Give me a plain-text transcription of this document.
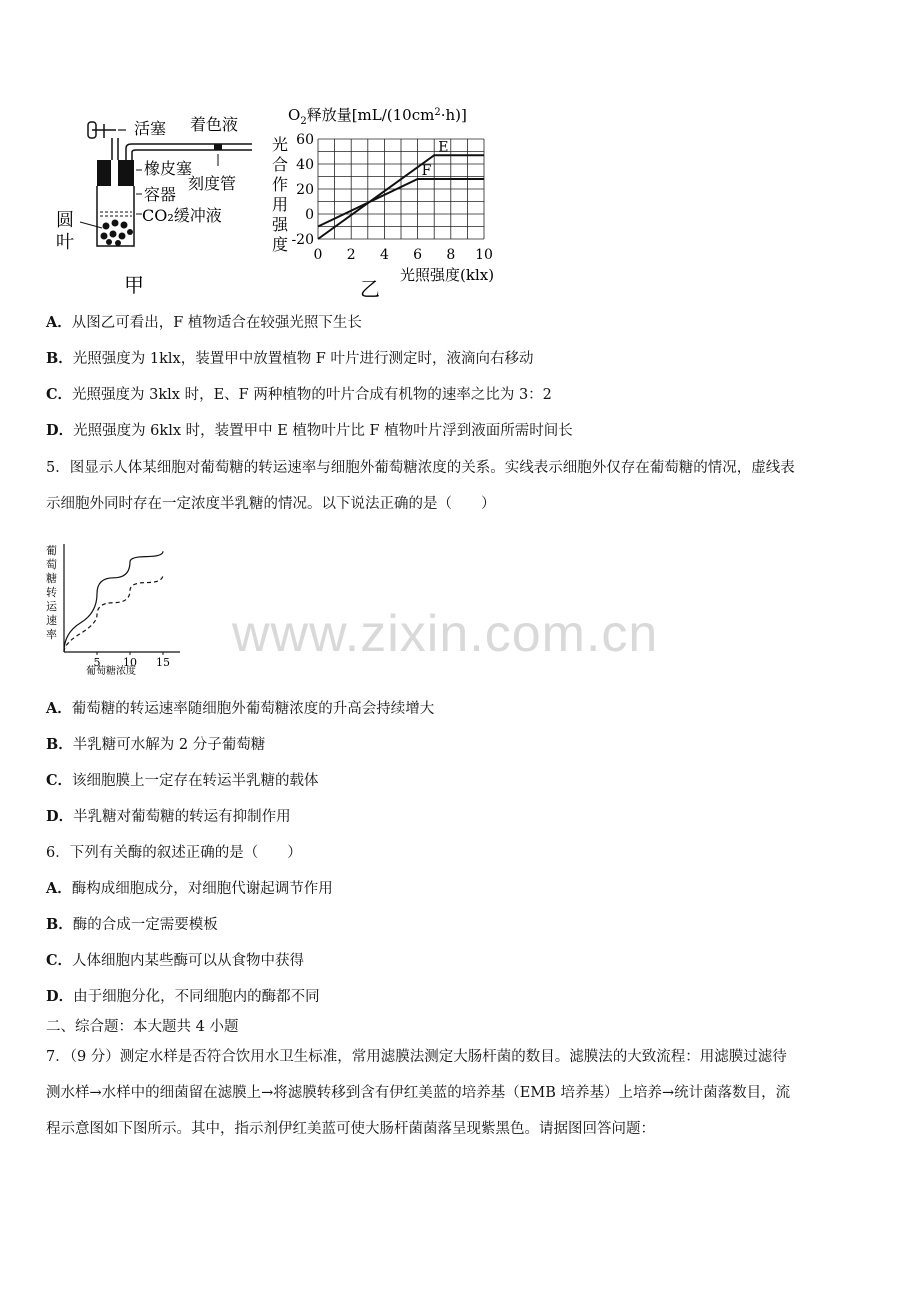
活塞 着色液
橡皮塞
刻度管
容器
CO₂缓冲液
圆 叶
甲
$O_2$释放量$[mL/(10cm^2\cdot h)]$
光
合
作
用
强
度
60
40
20
0
-20
0 2 4 6 8 10
E
F
光照强度(klx)
乙
A．从图乙可看出，F 植物适合在较强光照下生长
B．光照强度为 1klx，装置甲中放置植物 F 叶片进行测定时，液滴向右移动
C．光照强度为 3klx 时，E、F 两种植物的叶片合成有机物的速率之比为 3：2
D．光照强度为 6klx 时，装置甲中 E 植物叶片比 F 植物叶片浮到液面所需时间长
5．图显示人体某细胞对葡萄糖的转运速率与细胞外葡萄糖浓度的关系。实线表示细胞外仅存在葡萄糖的情况，虚线表
示细胞外同时存在一定浓度半乳糖的情况。以下说法正确的是（　　）
葡
萄
糖
转
运
速
率
5 10 15
葡萄糖浓度
www.zixin.com.cn
A．葡萄糖的转运速率随细胞外葡萄糖浓度的升高会持续增大
B．半乳糖可水解为 2 分子葡萄糖
C．该细胞膜上一定存在转运半乳糖的载体
D．半乳糖对葡萄糖的转运有抑制作用
6．下列有关酶的叙述正确的是（　　）
A．酶构成细胞成分，对细胞代谢起调节作用
B．酶的合成一定需要模板
C．人体细胞内某些酶可以从食物中获得
D．由于细胞分化，不同细胞内的酶都不同
二、综合题：本大题共 4 小题
7．（9 分）测定水样是否符合饮用水卫生标准，常用滤膜法测定大肠杆菌的数目。滤膜法的大致流程：用滤膜过滤待
测水样→水样中的细菌留在滤膜上→将滤膜转移到含有伊红美蓝的培养基（EMB 培养基）上培养→统计菌落数目，流
程示意图如下图所示。其中，指示剂伊红美蓝可使大肠杆菌菌落呈现紫黑色。请据图回答问题：
